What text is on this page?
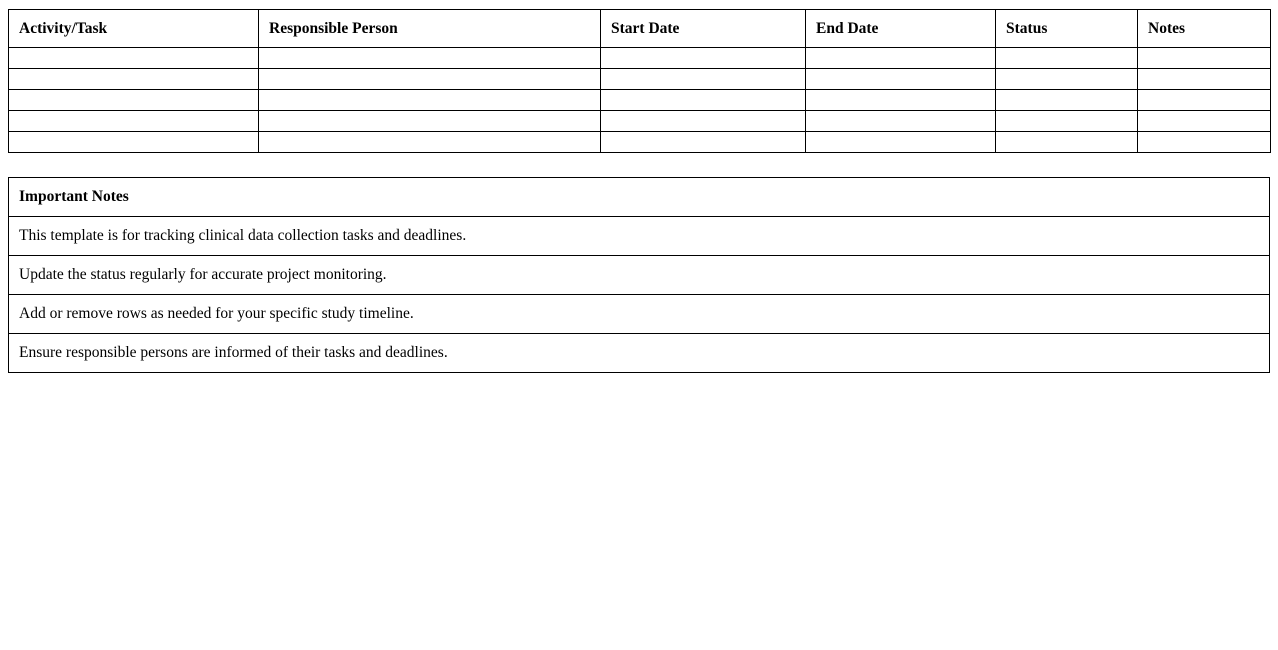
Activity/Task	Responsible Person	Start Date	End Date	Status	Notes

Important Notes
This template is for tracking clinical data collection tasks and deadlines.
Update the status regularly for accurate project monitoring.
Add or remove rows as needed for your specific study timeline.
Ensure responsible persons are informed of their tasks and deadlines.
